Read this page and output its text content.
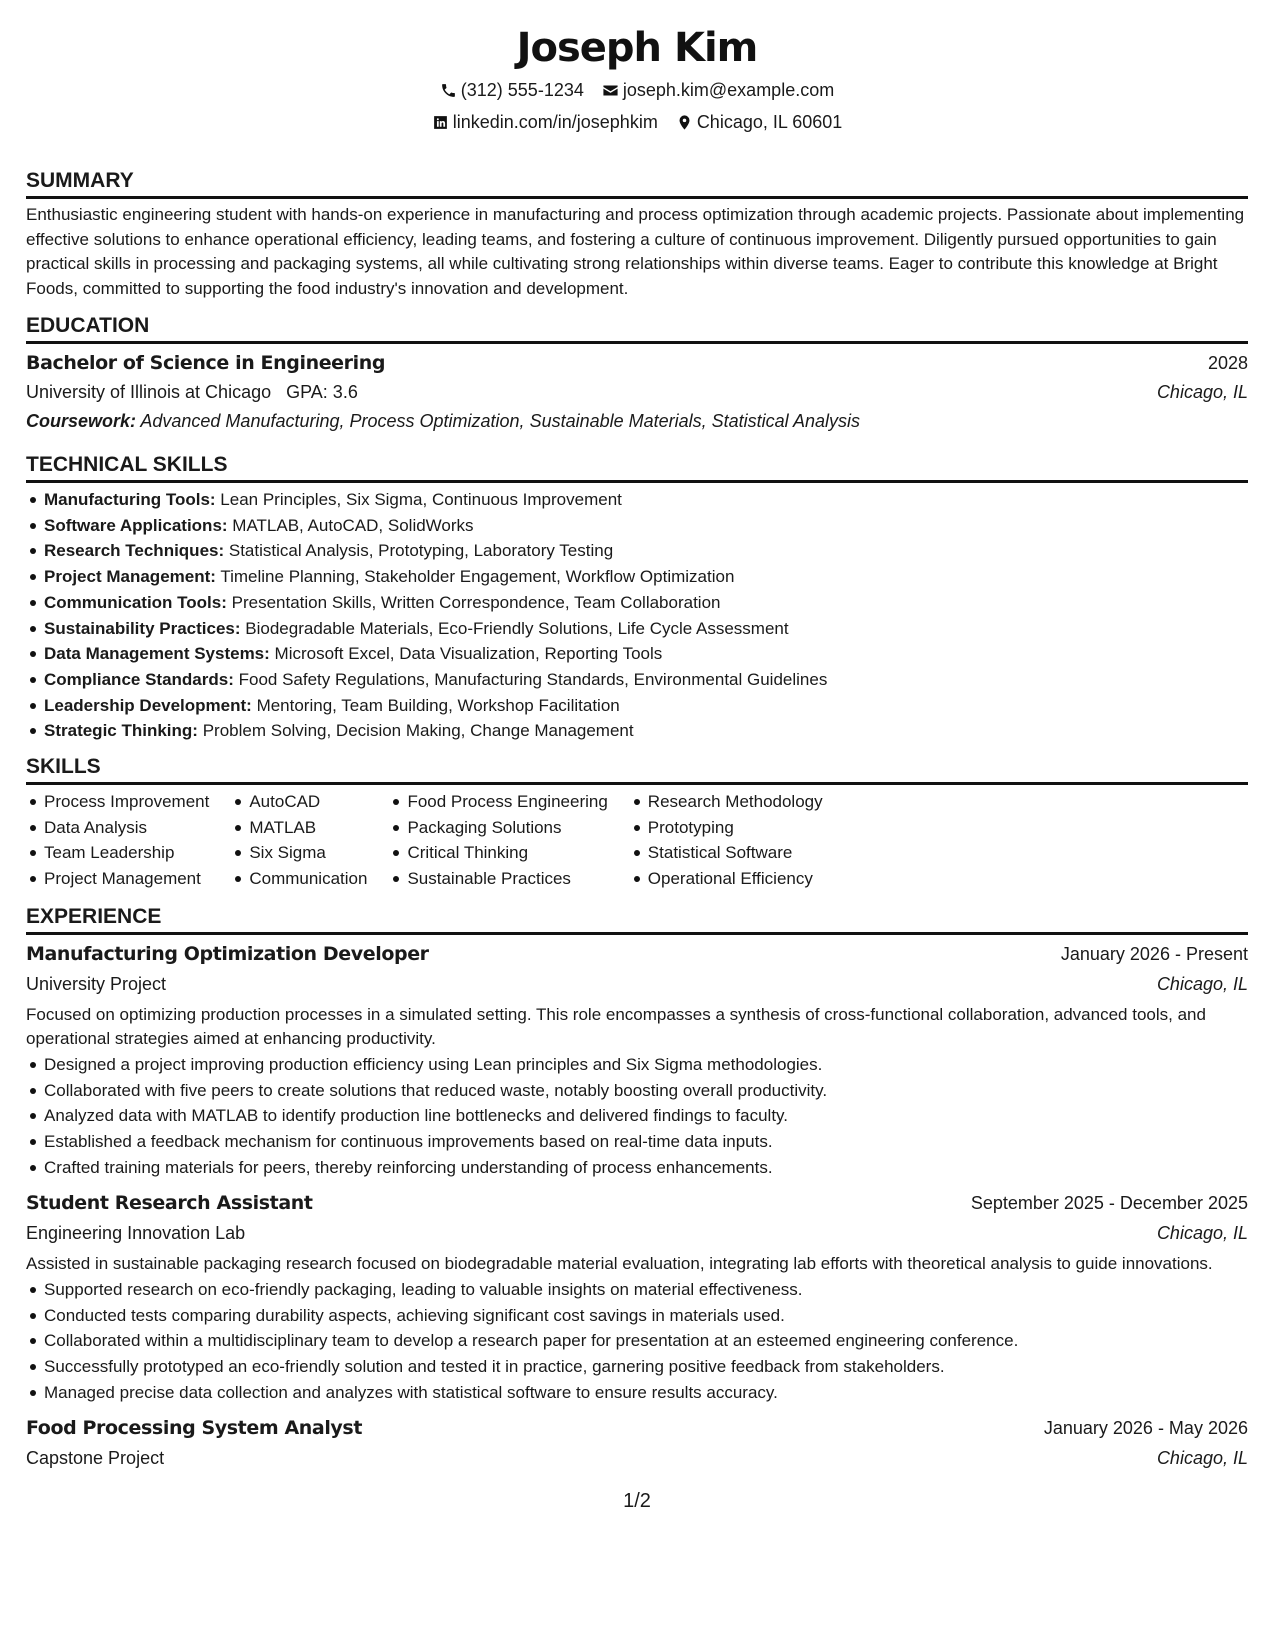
Joseph Kim
(312) 555-1234 joseph.kim@example.com
linkedin.com/in/josephkim Chicago, IL 60601
SUMMARY

Enthusiastic engineering student with hands-on experience in manufacturing and process optimization through academic projects. Passionate about implementing effective solutions to enhance operational efficiency, leading teams, and fostering a culture of continuous improvement. Diligently pursued opportunities to gain practical skills in processing and packaging systems, all while cultivating strong relationships within diverse teams. Eager to contribute this knowledge at Bright Foods, committed to supporting the food industry's innovation and development.

EDUCATION
Bachelor of Science in Engineering	2028
University of Illinois at Chicago GPA: 3.6	Chicago, IL
Coursework: Advanced Manufacturing, Process Optimization, Sustainable Materials, Statistical Analysis
TECHNICAL SKILLS
Manufacturing Tools: Lean Principles, Six Sigma, Continuous Improvement
Software Applications: MATLAB, AutoCAD, SolidWorks
Research Techniques: Statistical Analysis, Prototyping, Laboratory Testing
Project Management: Timeline Planning, Stakeholder Engagement, Workflow Optimization
Communication Tools: Presentation Skills, Written Correspondence, Team Collaboration
Sustainability Practices: Biodegradable Materials, Eco-Friendly Solutions, Life Cycle Assessment
Data Management Systems: Microsoft Excel, Data Visualization, Reporting Tools
Compliance Standards: Food Safety Regulations, Manufacturing Standards, Environmental Guidelines
Leadership Development: Mentoring, Team Building, Workshop Facilitation
Strategic Thinking: Problem Solving, Decision Making, Change Management
SKILLS
Process Improvement
Data Analysis
Team Leadership
Project Management
AutoCAD
MATLAB
Six Sigma
Communication
Food Process Engineering
Packaging Solutions
Critical Thinking
Sustainable Practices
Research Methodology
Prototyping
Statistical Software
Operational Efficiency
EXPERIENCE
Manufacturing Optimization Developer	January 2026 - Present
University Project	Chicago, IL

Focused on optimizing production processes in a simulated setting. This role encompasses a synthesis of cross-functional collaboration, advanced tools, and operational strategies aimed at enhancing productivity.

Designed a project improving production efficiency using Lean principles and Six Sigma methodologies.
Collaborated with five peers to create solutions that reduced waste, notably boosting overall productivity.
Analyzed data with MATLAB to identify production line bottlenecks and delivered findings to faculty.
Established a feedback mechanism for continuous improvements based on real-time data inputs.
Crafted training materials for peers, thereby reinforcing understanding of process enhancements.
Student Research Assistant	September 2025 - December 2025
Engineering Innovation Lab	Chicago, IL

Assisted in sustainable packaging research focused on biodegradable material evaluation, integrating lab efforts with theoretical analysis to guide innovations.

Supported research on eco-friendly packaging, leading to valuable insights on material effectiveness.
Conducted tests comparing durability aspects, achieving significant cost savings in materials used.
Collaborated within a multidisciplinary team to develop a research paper for presentation at an esteemed engineering conference.
Successfully prototyped an eco-friendly solution and tested it in practice, garnering positive feedback from stakeholders.
Managed precise data collection and analyzes with statistical software to ensure results accuracy.
Food Processing System Analyst	January 2026 - May 2026
Capstone Project	Chicago, IL
1/2
